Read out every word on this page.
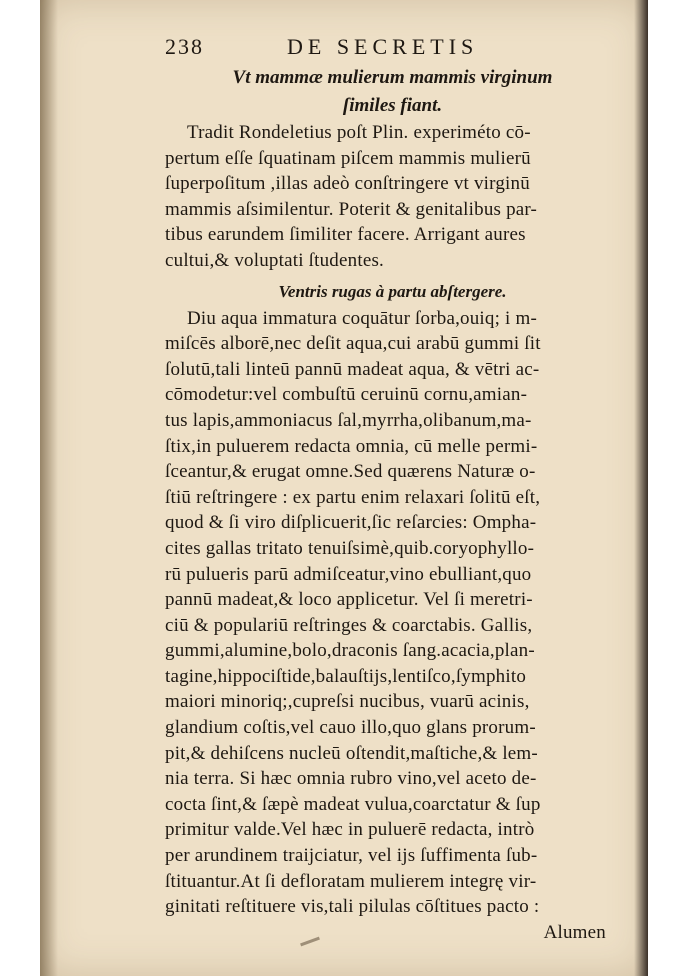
238	DE SECRETIS

Vt mammæ mulierum mammis virginum

ſimiles fiant.

Tradit Rondeletius poſt Plin. experiméto cō-
pertum eſſe ſquatinam piſcem mammis mulierū
ſuperpoſitum ,illas adeò conſtringere vt virginū
mammis aſsimilentur. Poterit & genitalibus par-
tibus earundem ſimiliter facere. Arrigant aures
cultui,& voluptati ſtudentes.

Ventris rugas à partu abſtergere.

Diu aqua immatura coquātur ſorba,ouiq; i m-
miſcēs alborē,nec deſit aqua,cui arabū gummi ſit
ſolutū,tali linteū pannū madeat aqua, & vētri ac-
cōmodetur:vel combuſtū ceruinū cornu,amian-
tus lapis,ammoniacus ſal,myrrha,olibanum,ma-
ſtix,in puluerem redacta omnia, cū melle permi-
ſceantur,& erugat omne.Sed quærens Naturæ o-
ſtiū reſtringere : ex partu enim relaxari ſolitū eſt,
quod & ſi viro diſplicuerit,ſic reſarcies: Ompha-
cites gallas tritato tenuiſsimè,quib.coryophyllo-
rū pulueris parū admiſceatur,vino ebulliant,quo
pannū madeat,& loco applicetur. Vel ſi meretri-
ciū & populariū reſtringes & coarctabis. Gallis,
gummi,alumine,bolo,draconis ſang.acacia,plan-
tagine,hippociſtide,balauſtijs,lentiſco,ſymphito
maiori minoriq;,cupreſsi nucibus, vuarū acinis,
glandium coſtis,vel cauo illo,quo glans prorum-
pit,& dehiſcens nucleū oſtendit,maſtiche,& lem-
nia terra. Si hæc omnia rubro vino,vel aceto de-
cocta ſint,& ſæpè madeat vulua,coarctatur & ſup
primitur valde.Vel hæc in puluerē redacta, intrò
per arundinem traijciatur, vel ijs ſuffimenta ſub-
ſtituantur.At ſi defloratam mulierem integrę vir-
ginitati reſtituere vis,tali pilulas cōſtitues pacto :
Alumen
